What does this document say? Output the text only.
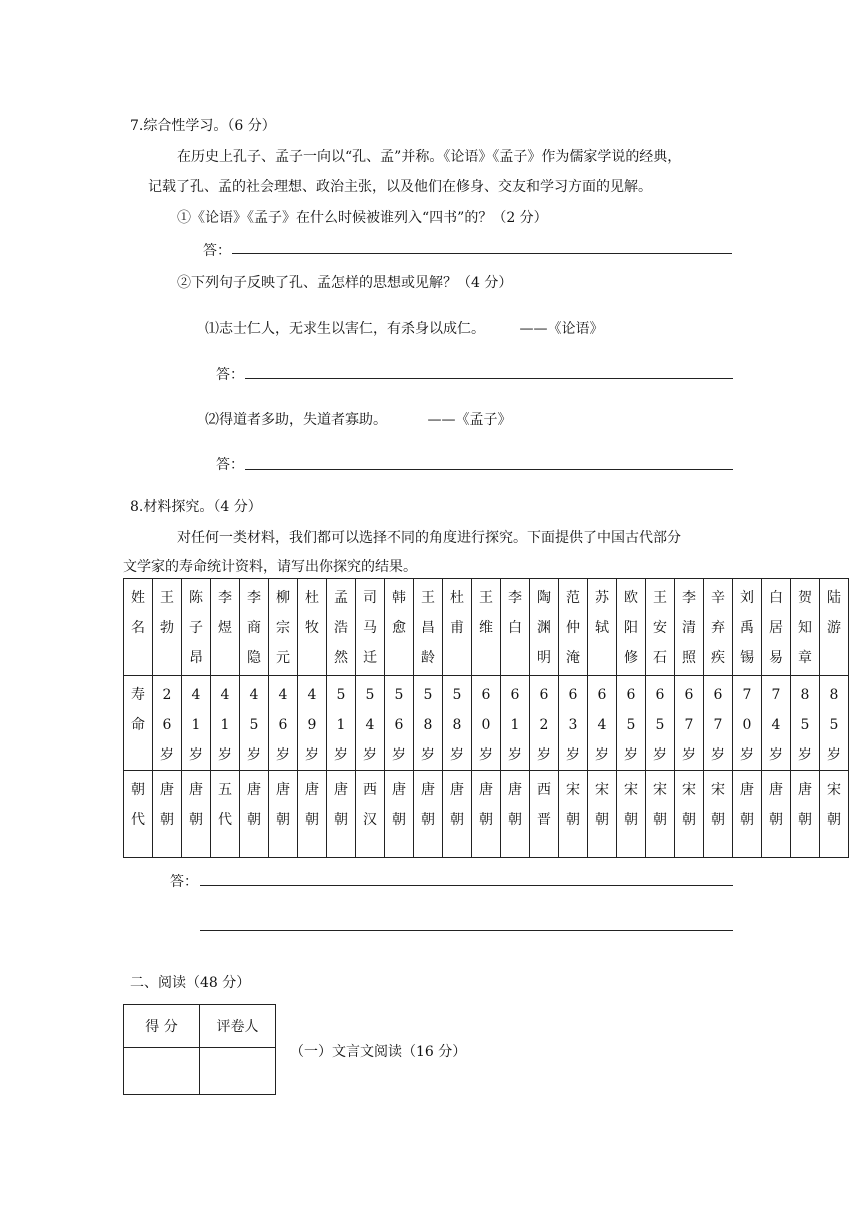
7.综合性学习。（6 分）
在历史上孔子、孟子一向以“孔、孟”并称。《论语》《孟子》作为儒家学说的经典，
记载了孔、孟的社会理想、政治主张，以及他们在修身、交友和学习方面的见解。
①《论语》《孟子》在什么时候被谁列入“四书”的？（2 分）
答：
②下列句子反映了孔、孟怎样的思想或见解？（4 分）
⑴志士仁人，无求生以害仁，有杀身以成仁。 ——《论语》
答：
⑵得道者多助，失道者寡助。	——《孟子》
答：
8.材料探究。（4 分）
对任何一类材料，我们都可以选择不同的角度进行探究。下面提供了中国古代部分
文学家的寿命统计资料，请写出你探究的结果。
姓
名	王
勃	陈
子
昂	李
煜	李
商
隐	柳
宗
元	杜
牧	孟
浩
然	司
马
迁	韩
愈	王
昌
龄	杜
甫	王
维	李
白	陶
渊
明	范
仲
淹	苏
轼	欧
阳
修	王
安
石	李
清
照	辛
弃
疾	刘
禹
锡	白
居
易	贺
知
章	陆
游

寿
命	2
6
岁	4
1
岁	4
1
岁	4
5
岁	4
6
岁	4
9
岁	5
1
岁	5
4
岁	5
6
岁	5
8
岁	5
8
岁	6
0
岁	6
1
岁	6
2
岁	6
3
岁	6
4
岁	6
5
岁	6
5
岁	6
7
岁	6
7
岁	7
0
岁	7
4
岁	8
5
岁	8
5
岁

朝
代	唐
朝	唐
朝	五
代	唐
朝	唐
朝	唐
朝	唐
朝	西
汉	唐
朝	唐
朝	唐
朝	唐
朝	唐
朝	西
晋	宋
朝	宋
朝	宋
朝	宋
朝	宋
朝	宋
朝	唐
朝	唐
朝	唐
朝	宋
朝
答：
二、阅读（48 分）
得 分	评卷人

（一）文言文阅读（16 分）
